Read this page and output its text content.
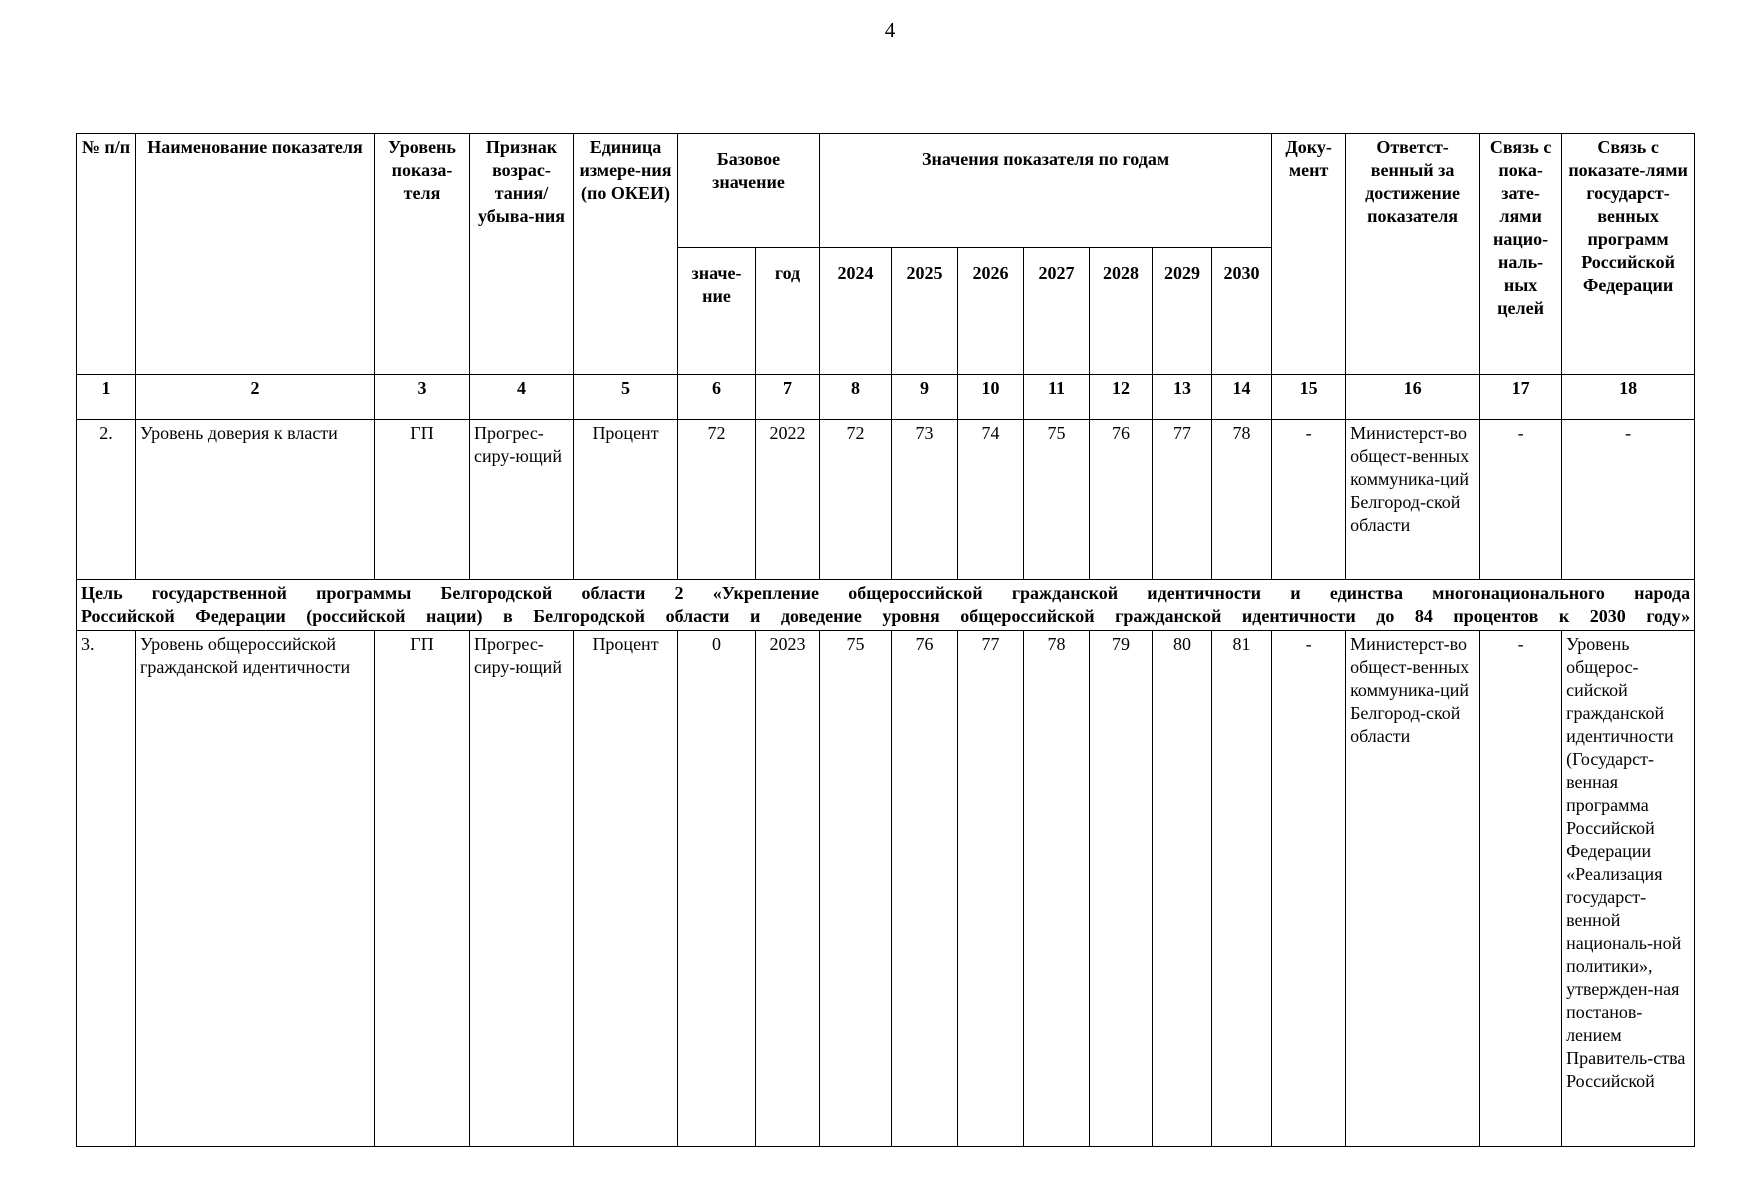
4
№ п/п	Наименование показателя	Уровень показа-теля	Признак возрас-тания/ убыва-ния	Единица измере-ния (по ОКЕИ)	Базовое значение		Значения показателя по годам							Доку-мент	Ответст-венный за достижение показателя	Связь с пока-зате-лями нацио-наль-ных целей	Связь с показате-лями государст-венных программ Российской Федерации
					значе-ние	год	2024	2025	2026	2027	2028	2029	2030				
1	2	3	4	5	6	7	8	9	10	11	12	13	14	15	16	17	18
2.	Уровень доверия к власти	ГП	Прогрес-сиру-ющий	Процент	72	2022	72	73	74	75	76	77	78	-	Министерст-во общест-венных коммуника-ций Белгород-ской области	-	-

Цель государственной программы Белгородской области 2 «Укрепление общероссийской гражданской идентичности и единства многонационального народа
Российской Федерации (российской нации) в Белгородской области и доведение уровня общероссийской гражданской идентичности до 84 процентов к 2030 году»																	

3.	Уровень общероссийской гражданской идентичности	ГП	Прогрес-сиру-ющий	Процент	0	2023	75	76	77	78	79	80	81	-	Министерст-во общест-венных коммуника-ций Белгород-ской области	-	Уровень общерос-сийской гражданской идентичности (Государст-венная программа Российской Федерации «Реализация государст-венной националь-ной политики», утвержден-ная постанов-лением Правитель-ства Российской
